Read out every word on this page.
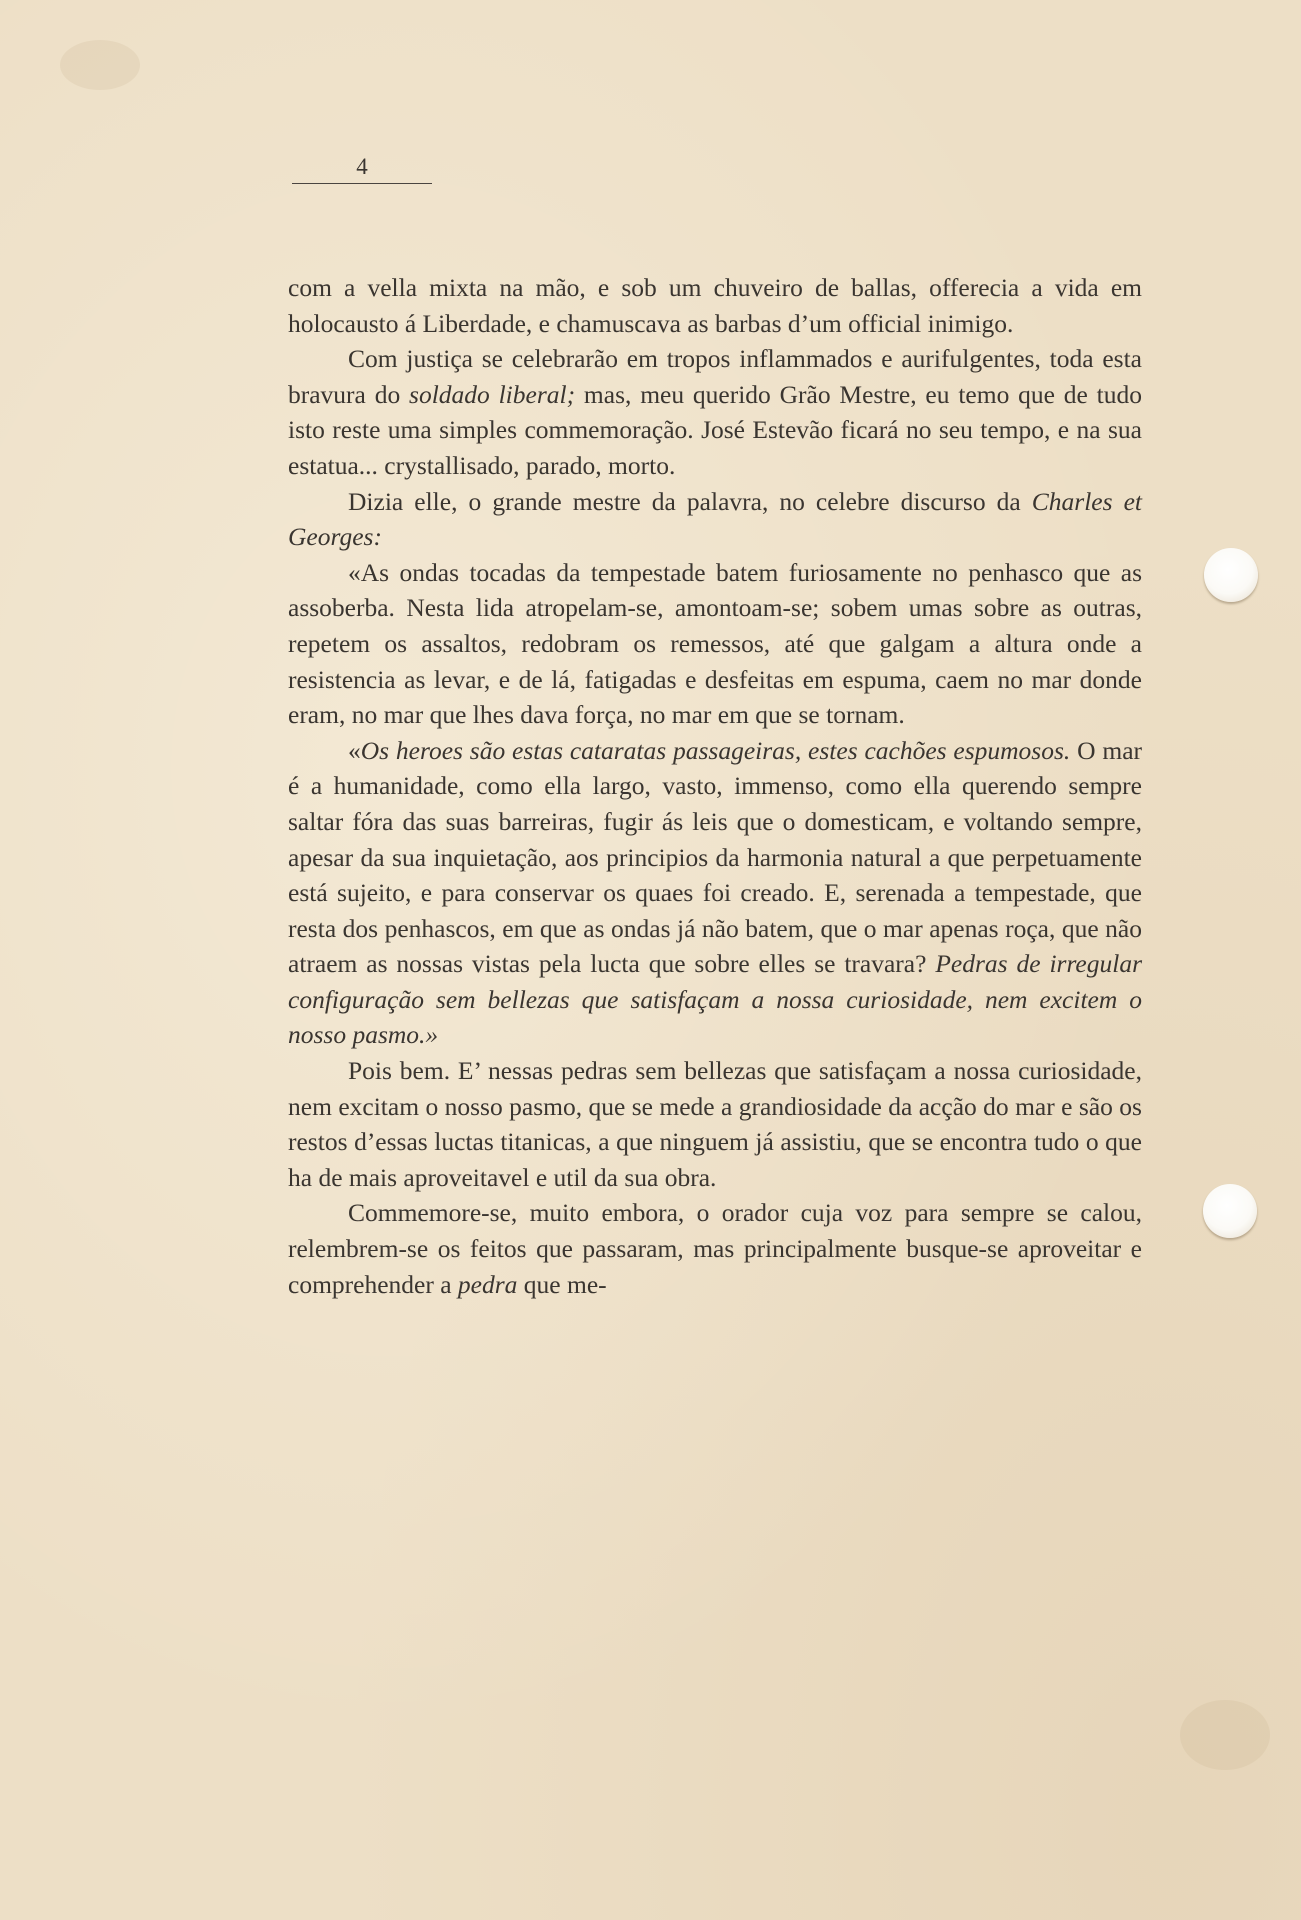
4

com a vella mixta na mão, e sob um chuveiro de ballas, offerecia a vida em holocausto á Liberdade, e chamuscava as barbas d’um official inimigo.

Com justiça se celebrarão em tropos inflammados e aurifulgentes, toda esta bravura do soldado liberal; mas, meu querido Grão Mestre, eu temo que de tudo isto reste uma simples commemoração. José Estevão ficará no seu tempo, e na sua estatua... crystallisado, parado, morto.

Dizia elle, o grande mestre da palavra, no celebre discurso da Charles et Georges:

«As ondas tocadas da tempestade batem furiosamente no penhasco que as assoberba. Nesta lida atropelam-se, amontoam-se; sobem umas sobre as outras, repetem os assaltos, redobram os remessos, até que galgam a altura onde a resistencia as levar, e de lá, fatigadas e desfeitas em espuma, caem no mar donde eram, no mar que lhes dava força, no mar em que se tornam.

«Os heroes são estas cataratas passageiras, estes cachões espumosos. O mar é a humanidade, como ella largo, vasto, immenso, como ella querendo sempre saltar fóra das suas barreiras, fugir ás leis que o domesticam, e voltando sempre, apesar da sua inquietação, aos principios da harmonia natural a que perpetuamente está sujeito, e para conservar os quaes foi creado. E, serenada a tempestade, que resta dos penhascos, em que as ondas já não batem, que o mar apenas roça, que não atraem as nossas vistas pela lucta que sobre elles se travara? Pedras de irregular configuração sem bellezas que satisfaçam a nossa curiosidade, nem excitem o nosso pasmo.»

Pois bem. E’ nessas pedras sem bellezas que satisfaçam a nossa curiosidade, nem excitam o nosso pasmo, que se mede a grandiosidade da acção do mar e são os restos d’essas luctas titanicas, a que ninguem já assistiu, que se encontra tudo o que ha de mais aproveitavel e util da sua obra.

Commemore-se, muito embora, o orador cuja voz para sempre se calou, relembrem-se os feitos que passaram, mas principalmente busque-se aproveitar e comprehender a pedra que me-
